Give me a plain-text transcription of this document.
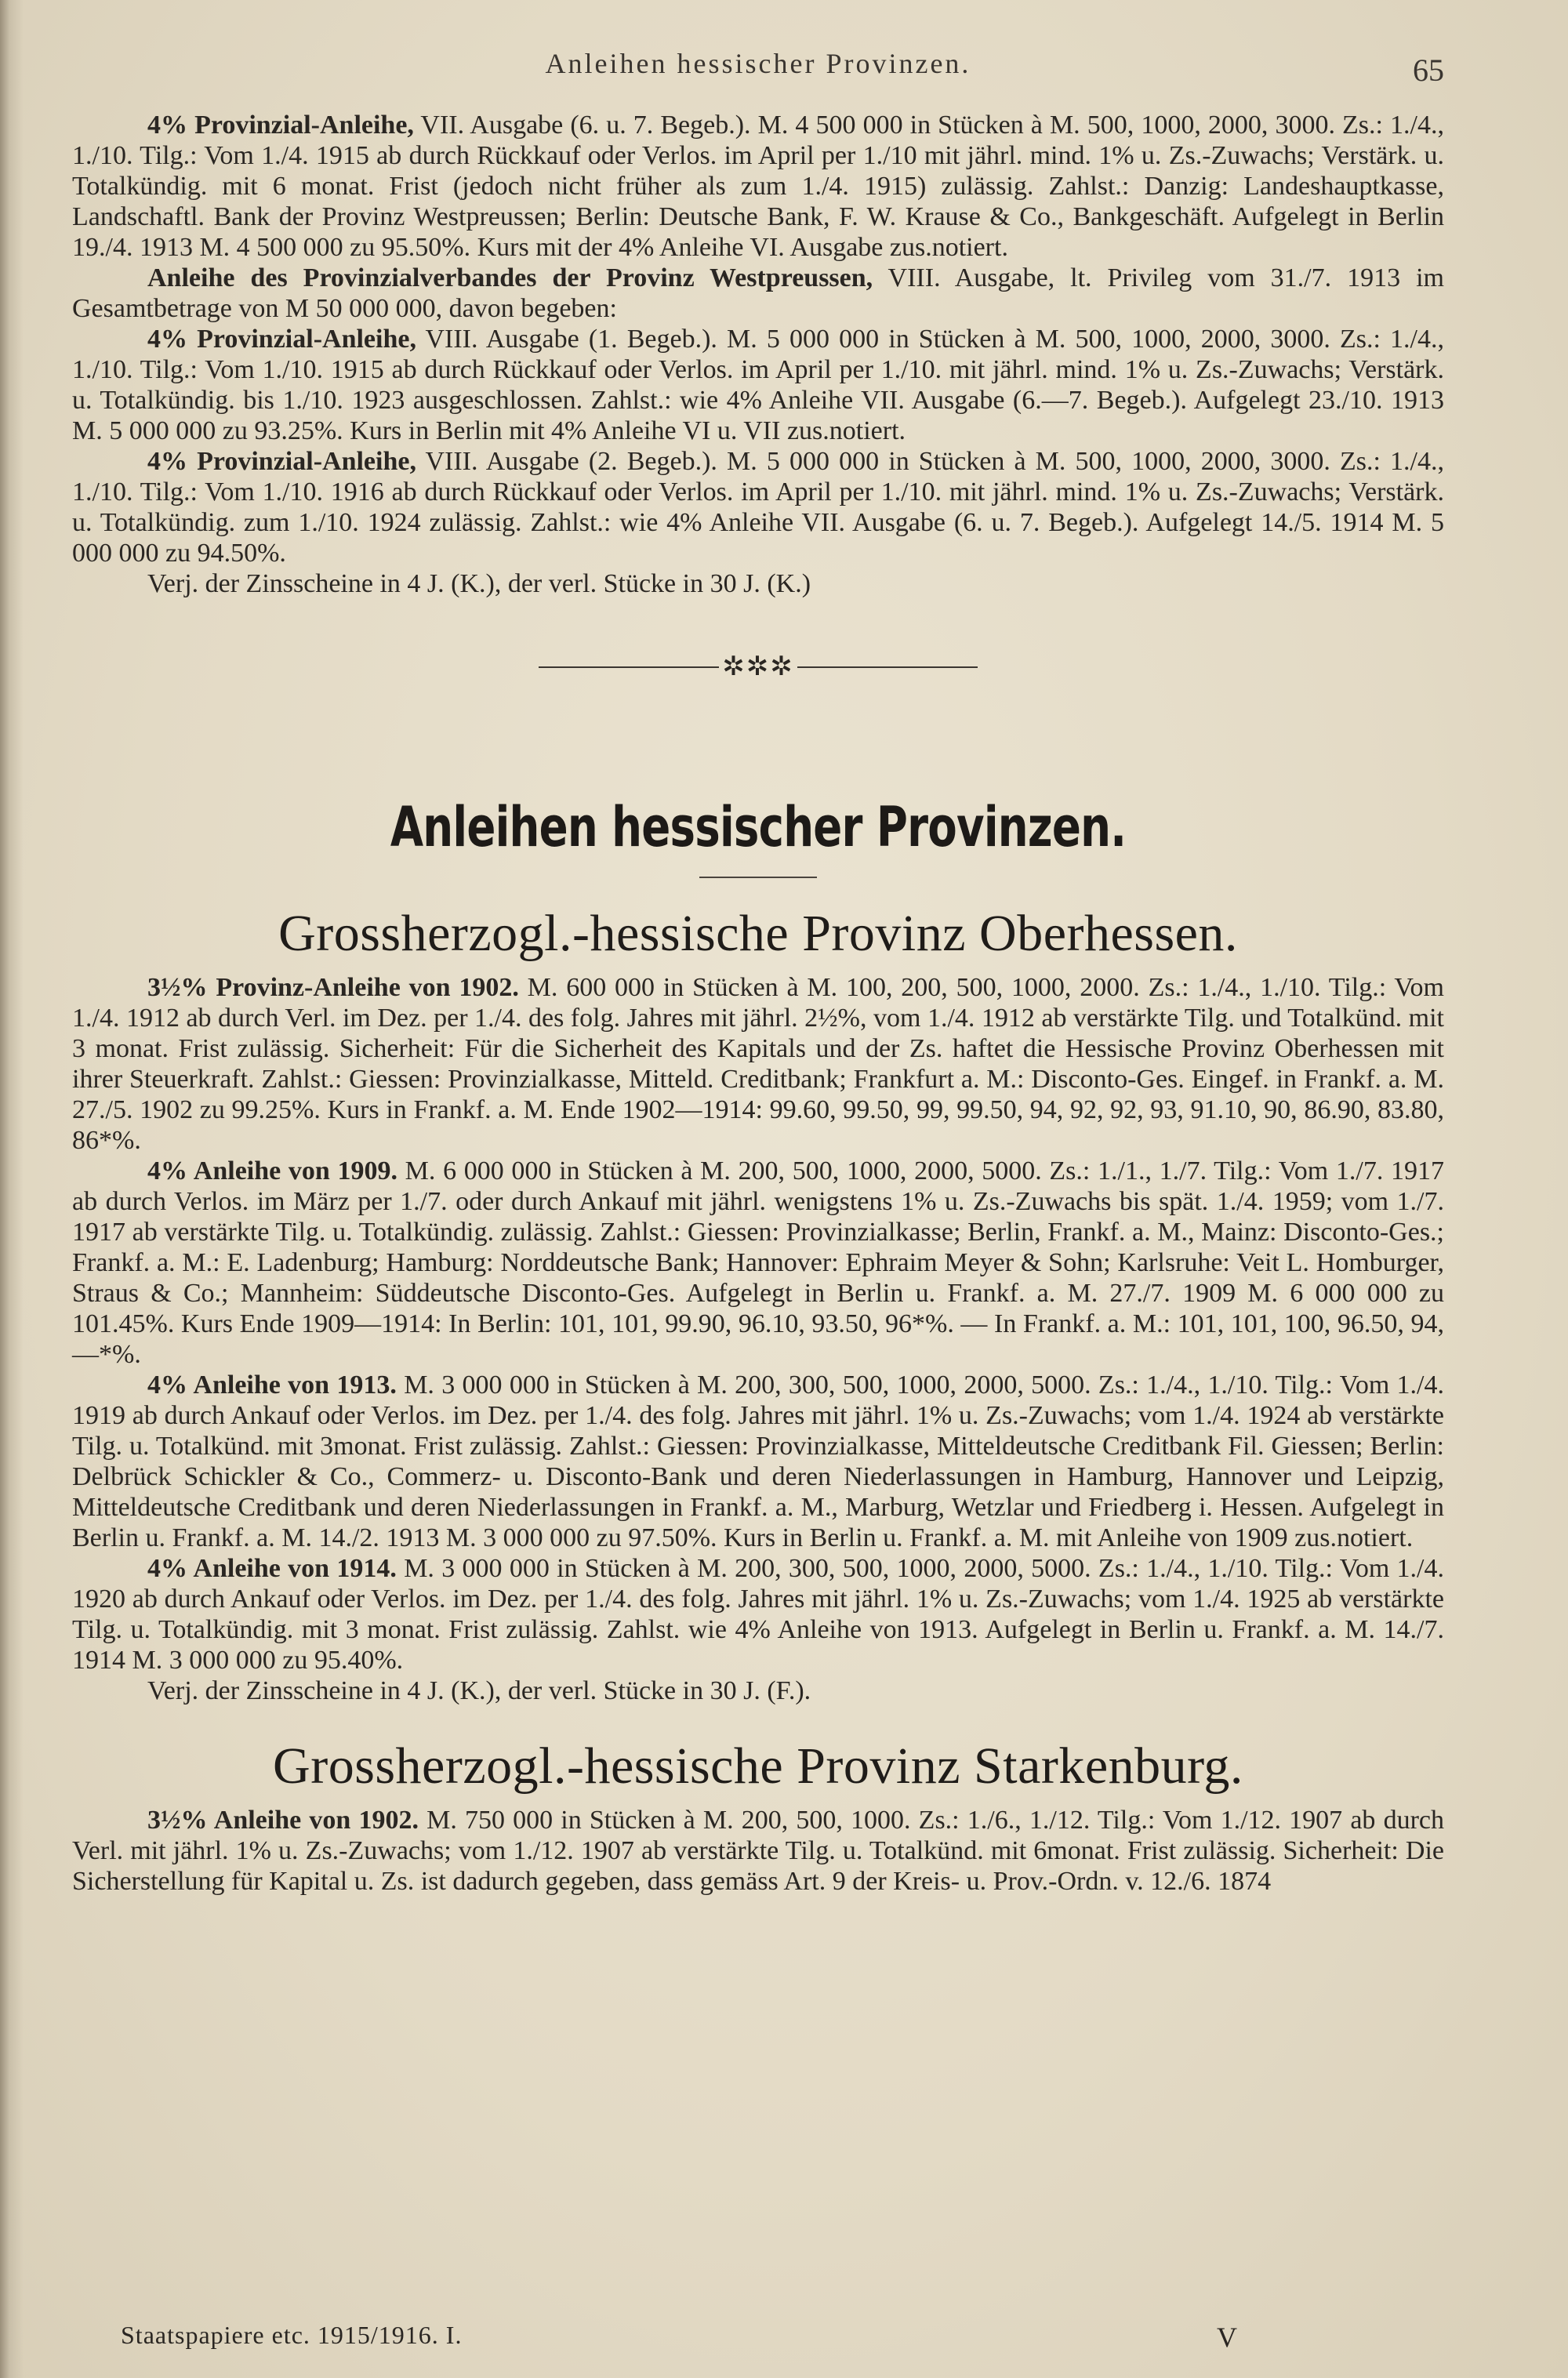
Anleihen hessischer Provinzen.	65

4% Provinzial-Anleihe, VII. Ausgabe (6. u. 7. Begeb.). M. 4 500 000 in Stücken à M. 500, 1000, 2000, 3000. Zs.: 1./4., 1./10. Tilg.: Vom 1./4. 1915 ab durch Rückkauf oder Verlos. im April per 1./10 mit jährl. mind. 1% u. Zs.-Zuwachs; Verstärk. u. Totalkündig. mit 6 monat. Frist (jedoch nicht früher als zum 1./4. 1915) zulässig. Zahlst.: Danzig: Landeshauptkasse, Landschaftl. Bank der Provinz Westpreussen; Berlin: Deutsche Bank, F. W. Krause & Co., Bankgeschäft. Aufgelegt in Berlin 19./4. 1913 M. 4 500 000 zu 95.50%. Kurs mit der 4% Anleihe VI. Ausgabe zus.notiert.

Anleihe des Provinzialverbandes der Provinz Westpreussen, VIII. Ausgabe, lt. Privileg vom 31./7. 1913 im Gesamtbetrage von M 50 000 000, davon begeben:

4% Provinzial-Anleihe, VIII. Ausgabe (1. Begeb.). M. 5 000 000 in Stücken à M. 500, 1000, 2000, 3000. Zs.: 1./4., 1./10. Tilg.: Vom 1./10. 1915 ab durch Rückkauf oder Verlos. im April per 1./10. mit jährl. mind. 1% u. Zs.-Zuwachs; Verstärk. u. Totalkündig. bis 1./10. 1923 ausgeschlossen. Zahlst.: wie 4% Anleihe VII. Ausgabe (6.—7. Begeb.). Aufgelegt 23./10. 1913 M. 5 000 000 zu 93.25%. Kurs in Berlin mit 4% Anleihe VI u. VII zus.notiert.

4% Provinzial-Anleihe, VIII. Ausgabe (2. Begeb.). M. 5 000 000 in Stücken à M. 500, 1000, 2000, 3000. Zs.: 1./4., 1./10. Tilg.: Vom 1./10. 1916 ab durch Rückkauf oder Verlos. im April per 1./10. mit jährl. mind. 1% u. Zs.-Zuwachs; Verstärk. u. Totalkündig. zum 1./10. 1924 zulässig. Zahlst.: wie 4% Anleihe VII. Ausgabe (6. u. 7. Begeb.). Aufgelegt 14./5. 1914 M. 5 000 000 zu 94.50%.

Verj. der Zinsscheine in 4 J. (K.), der verl. Stücke in 30 J. (K.)

✲✲✲
Anleihen hessischer Provinzen.
Grossherzogl.-hessische Provinz Oberhessen.

3½% Provinz-Anleihe von 1902. M. 600 000 in Stücken à M. 100, 200, 500, 1000, 2000. Zs.: 1./4., 1./10. Tilg.: Vom 1./4. 1912 ab durch Verl. im Dez. per 1./4. des folg. Jahres mit jährl. 2½%, vom 1./4. 1912 ab verstärkte Tilg. und Totalkünd. mit 3 monat. Frist zulässig. Sicherheit: Für die Sicherheit des Kapitals und der Zs. haftet die Hessische Provinz Oberhessen mit ihrer Steuerkraft. Zahlst.: Giessen: Provinzialkasse, Mitteld. Creditbank; Frankfurt a. M.: Disconto-Ges. Eingef. in Frankf. a. M. 27./5. 1902 zu 99.25%. Kurs in Frankf. a. M. Ende 1902—1914: 99.60, 99.50, 99, 99.50, 94, 92, 92, 93, 91.10, 90, 86.90, 83.80, 86*%.

4% Anleihe von 1909. M. 6 000 000 in Stücken à M. 200, 500, 1000, 2000, 5000. Zs.: 1./1., 1./7. Tilg.: Vom 1./7. 1917 ab durch Verlos. im März per 1./7. oder durch Ankauf mit jährl. wenigstens 1% u. Zs.-Zuwachs bis spät. 1./4. 1959; vom 1./7. 1917 ab verstärkte Tilg. u. Totalkündig. zulässig. Zahlst.: Giessen: Provinzialkasse; Berlin, Frankf. a. M., Mainz: Disconto-Ges.; Frankf. a. M.: E. Ladenburg; Hamburg: Norddeutsche Bank; Hannover: Ephraim Meyer & Sohn; Karlsruhe: Veit L. Homburger, Straus & Co.; Mannheim: Süddeutsche Disconto-Ges. Aufgelegt in Berlin u. Frankf. a. M. 27./7. 1909 M. 6 000 000 zu 101.45%. Kurs Ende 1909—1914: In Berlin: 101, 101, 99.90, 96.10, 93.50, 96*%. — In Frankf. a. M.: 101, 101, 100, 96.50, 94, —*%.

4% Anleihe von 1913. M. 3 000 000 in Stücken à M. 200, 300, 500, 1000, 2000, 5000. Zs.: 1./4., 1./10. Tilg.: Vom 1./4. 1919 ab durch Ankauf oder Verlos. im Dez. per 1./4. des folg. Jahres mit jährl. 1% u. Zs.-Zuwachs; vom 1./4. 1924 ab verstärkte Tilg. u. Totalkünd. mit 3monat. Frist zulässig. Zahlst.: Giessen: Provinzialkasse, Mitteldeutsche Creditbank Fil. Giessen; Berlin: Delbrück Schickler & Co., Commerz- u. Disconto-Bank und deren Niederlassungen in Hamburg, Hannover und Leipzig, Mitteldeutsche Creditbank und deren Niederlassungen in Frankf. a. M., Marburg, Wetzlar und Friedberg i. Hessen. Aufgelegt in Berlin u. Frankf. a. M. 14./2. 1913 M. 3 000 000 zu 97.50%. Kurs in Berlin u. Frankf. a. M. mit Anleihe von 1909 zus.notiert.

4% Anleihe von 1914. M. 3 000 000 in Stücken à M. 200, 300, 500, 1000, 2000, 5000. Zs.: 1./4., 1./10. Tilg.: Vom 1./4. 1920 ab durch Ankauf oder Verlos. im Dez. per 1./4. des folg. Jahres mit jährl. 1% u. Zs.-Zuwachs; vom 1./4. 1925 ab verstärkte Tilg. u. Totalkündig. mit 3 monat. Frist zulässig. Zahlst. wie 4% Anleihe von 1913. Aufgelegt in Berlin u. Frankf. a. M. 14./7. 1914 M. 3 000 000 zu 95.40%.

Verj. der Zinsscheine in 4 J. (K.), der verl. Stücke in 30 J. (F.).

Grossherzogl.-hessische Provinz Starkenburg.

3½% Anleihe von 1902. M. 750 000 in Stücken à M. 200, 500, 1000. Zs.: 1./6., 1./12. Tilg.: Vom 1./12. 1907 ab durch Verl. mit jährl. 1% u. Zs.-Zuwachs; vom 1./12. 1907 ab verstärkte Tilg. u. Totalkünd. mit 6monat. Frist zulässig. Sicherheit: Die Sicherstellung für Kapital u. Zs. ist dadurch gegeben, dass gemäss Art. 9 der Kreis- u. Prov.-Ordn. v. 12./6. 1874

Staatspapiere etc. 1915/1916. I.	V
